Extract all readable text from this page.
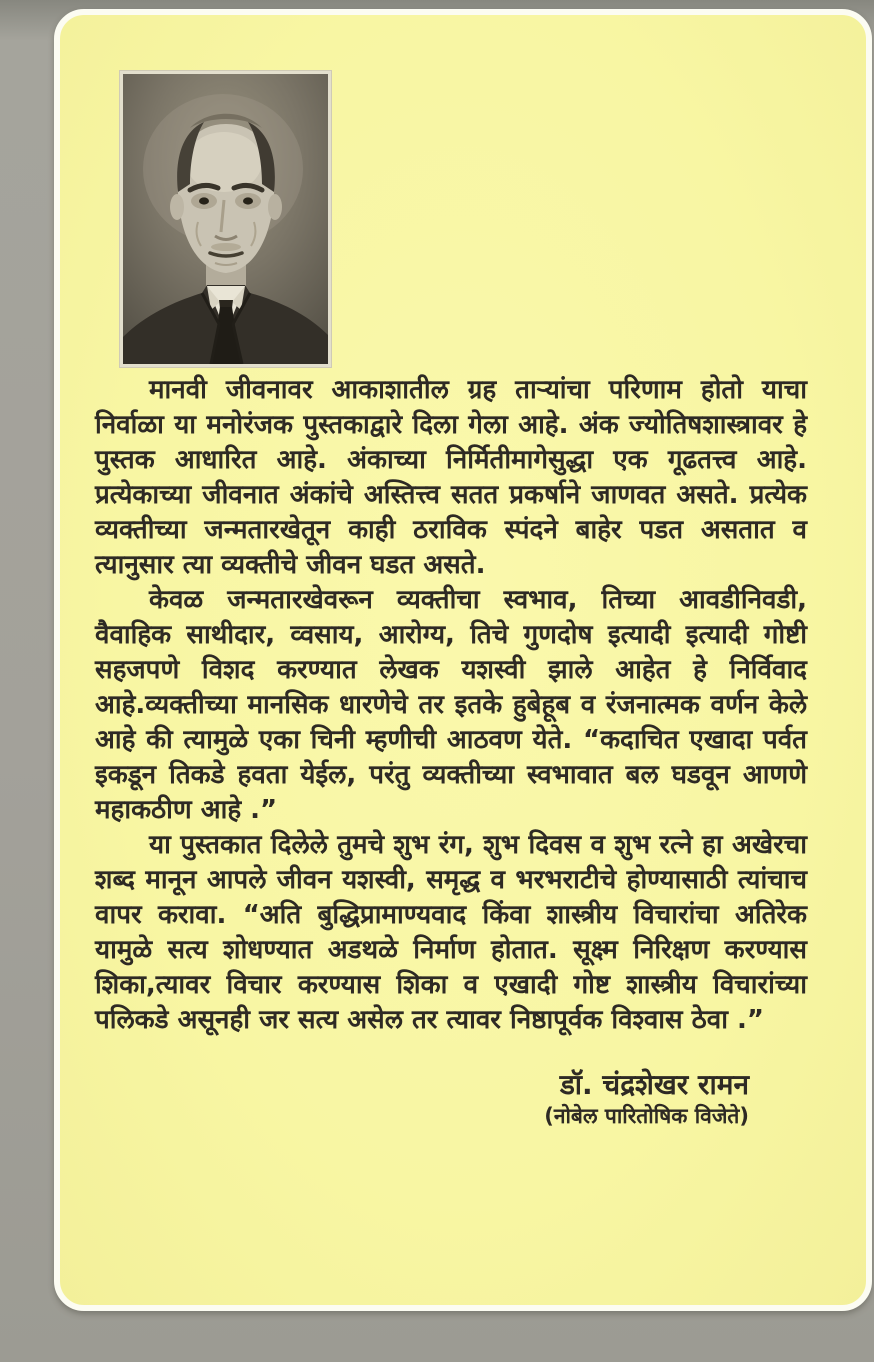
मानवी जीवनावर आकाशातील ग्रह ताऱ्यांचा परिणाम होतो याचा निर्वाळा या मनोरंजक पुस्तकाद्वारे दिला गेला आहे. अंक ज्योतिषशास्त्रावर हे पुस्तक आधारित आहे. अंकाच्या निर्मितीमागेसुद्धा एक गूढतत्त्व आहे. प्रत्येकाच्या जीवनात अंकांचे अस्तित्त्व सतत प्रकर्षाने जाणवत असते. प्रत्येक व्यक्तीच्या जन्मतारखेतून काही ठराविक स्पंदने बाहेर पडत असतात व त्यानुसार त्या व्यक्तीचे जीवन घडत असते.

केवळ जन्मतारखेवरून व्यक्तीचा स्वभाव, तिच्या आवडीनिवडी, वैवाहिक साथीदार, व्वसाय, आरोग्य, तिचे गुणदोष इत्यादी इत्यादी गोष्टी सहजपणे विशद करण्यात लेखक यशस्वी झाले आहेत हे निर्विवाद आहे.व्यक्तीच्या मानसिक धारणेचे तर इतके हुबेहूब व रंजनात्मक वर्णन केले आहे की त्यामुळे एका चिनी म्हणीची आठवण येते. “कदाचित एखादा पर्वत इकडून तिकडे हवता येईल, परंतु व्यक्तीच्या स्वभावात बल घडवून आणणे महाकठीण आहे .”

या पुस्तकात दिलेले तुमचे शुभ रंग, शुभ दिवस व शुभ रत्ने हा अखेरचा शब्द मानून आपले जीवन यशस्वी, समृद्ध व भरभराटीचे होण्यासाठी त्यांचाच वापर करावा. “अति बुद्धिप्रामाण्यवाद किंवा शास्त्रीय विचारांचा अतिरेक यामुळे सत्य शोधण्यात अडथळे निर्माण होतात. सूक्ष्म निरिक्षण करण्यास शिका,त्यावर विचार करण्यास शिका व एखादी गोष्ट शास्त्रीय विचारांच्या पलिकडे असूनही जर सत्य असेल तर त्यावर निष्ठापूर्वक विश्वास ठेवा .”

डॉ. चंद्रशेखर रामन
(नोबेल पारितोषिक विजेते)
